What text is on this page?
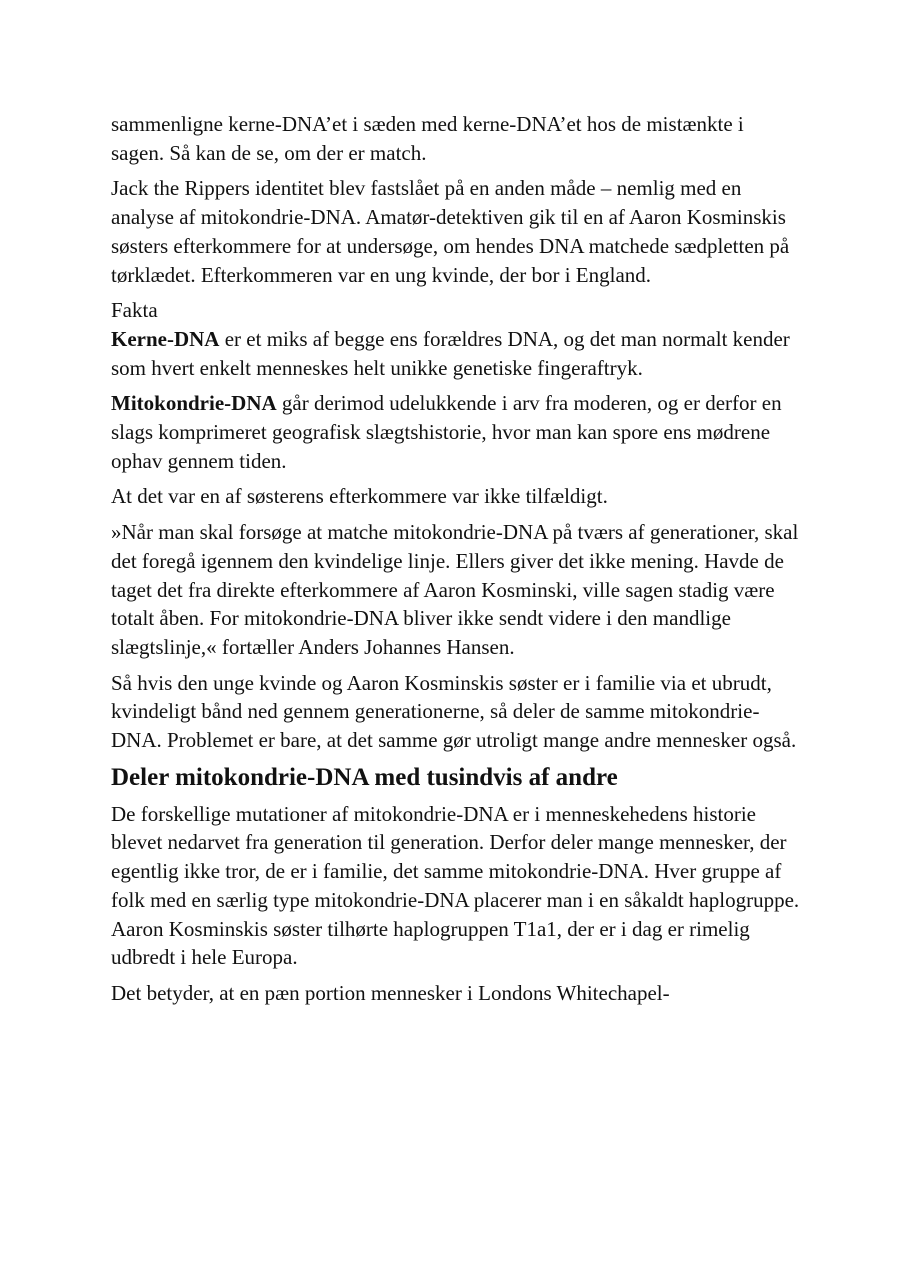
sammenligne kerne-DNA’et i sæden med kerne-DNA’et hos de mistænkte i sagen. Så kan de se, om der er match.

Jack the Rippers identitet blev fastslået på en anden måde – nemlig med en analyse af mitokondrie-DNA. Amatør-detektiven gik til en af Aaron Kosminskis søsters efterkommere for at undersøge, om hendes DNA matchede sædpletten på tørklædet. Efterkommeren var en ung kvinde, der bor i England.

Fakta

Kerne-DNA er et miks af begge ens forældres DNA, og det man normalt kender som hvert enkelt menneskes helt unikke genetiske fingeraftryk.

Mitokondrie-DNA går derimod udelukkende i arv fra moderen, og er derfor en slags komprimeret geografisk slægtshistorie, hvor man kan spore ens mødrene ophav gennem tiden.

At det var en af søsterens efterkommere var ikke tilfældigt.

»Når man skal forsøge at matche mitokondrie-DNA på tværs af generationer, skal det foregå igennem den kvindelige linje. Ellers giver det ikke mening. Havde de taget det fra direkte efterkommere af Aaron Kosminski, ville sagen stadig være totalt åben. For mitokondrie-DNA bliver ikke sendt videre i den mandlige slægtslinje,« fortæller Anders Johannes Hansen.

Så hvis den unge kvinde og Aaron Kosminskis søster er i familie via et ubrudt, kvindeligt bånd ned gennem generationerne, så deler de samme mitokondrie-DNA. Problemet er bare, at det samme gør utroligt mange andre mennesker også.

Deler mitokondrie-DNA med tusindvis af andre

De forskellige mutationer af mitokondrie-DNA er i menneskehedens historie blevet nedarvet fra generation til generation. Derfor deler mange mennesker, der egentlig ikke tror, de er i familie, det samme mitokondrie-DNA. Hver gruppe af folk med en særlig type mitokondrie-DNA placerer man i en såkaldt haplogruppe. Aaron Kosminskis søster tilhørte haplogruppen T1a1, der er i dag er rimelig udbredt i hele Europa.

Det betyder, at en pæn portion mennesker i Londons Whitechapel-
